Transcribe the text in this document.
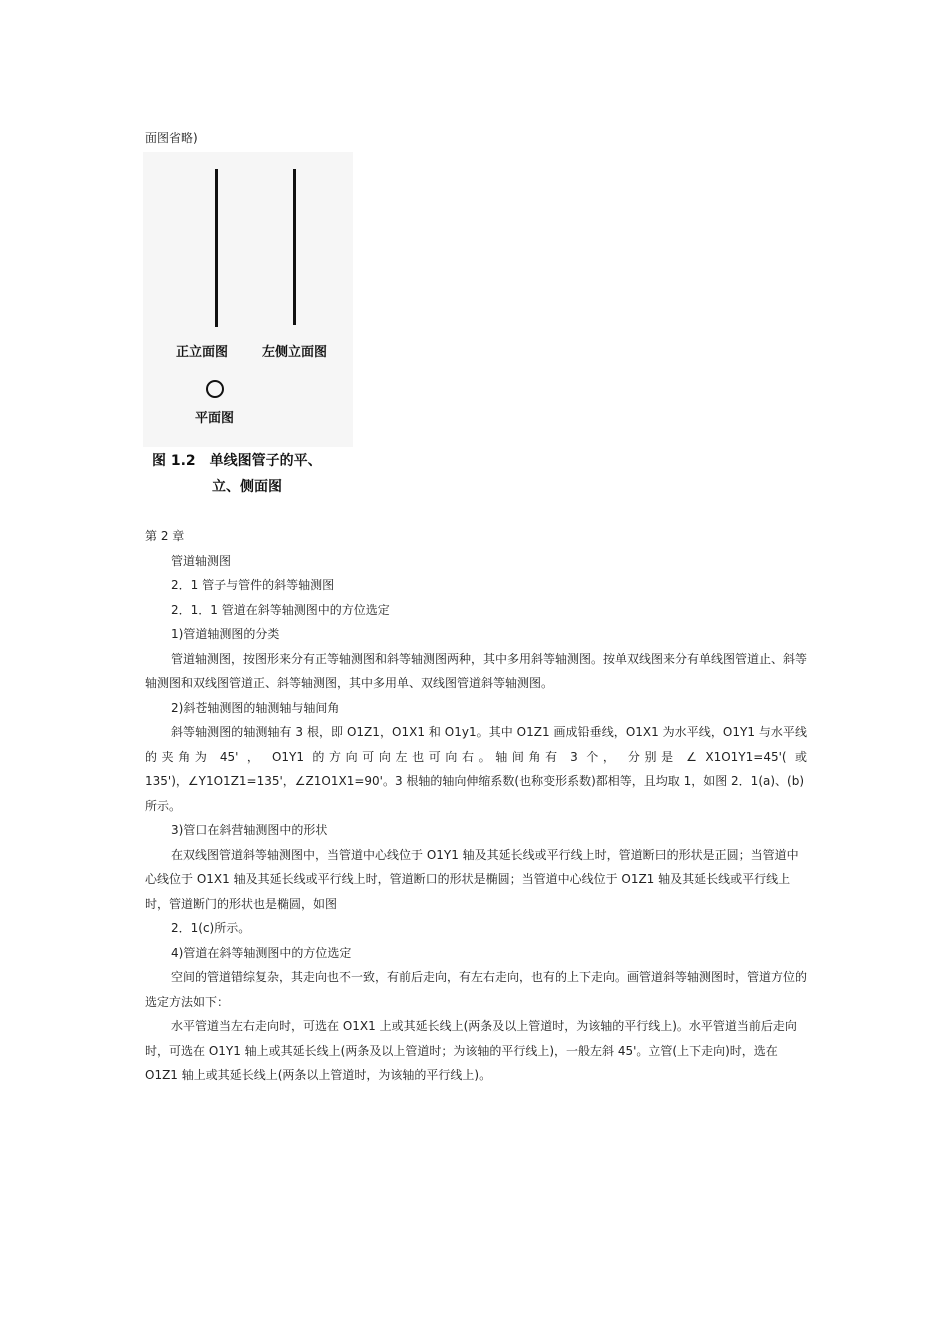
面图省略)
正立面图	左侧立面图
平面图
图 1.2　单线图管子的平、
立、侧面图

第 2 章

管道轴测图

2．1 管子与管件的斜等轴测图

2．1．1 管道在斜等轴测图中的方位选定

1)管道轴测图的分类

管道轴测图，按图形来分有正等轴测图和斜等轴测图两种，其中多用斜等轴测图。按单双线图来分有单线图管道止、斜等轴测图和双线图管道正、斜等轴测图，其中多用单、双线图管道斜等轴测图。

2)斜苍轴测图的轴测轴与轴间角

斜等轴测图的轴测轴有 3 根，即 O1Z1，O1X1 和 O1y1。其中 O1Z1 画成铅垂线，O1X1 为水平线，O1Y1 与水平线的夹角为 45' ， O1Y1 的方向可向左也可向右。轴间角有 3 个， 分别是 ∠ X1O1Y1=45'( 或

135')，∠Y1O1Z1=135'，∠Z1O1X1=90'。3 根轴的轴向伸缩系数(也称变形系数)都相等，且均取 1，如图 2．1(a)、(b)所示。

3)管口在斜营轴测图中的形状

在双线图管道斜等轴测图中，当管道中心线位于 O1Y1 轴及其延长线或平行线上时，管道断曰的形状是正圆；当管道中心线位于 O1X1 轴及其延长线或平行线上时，管道断口的形状是椭圆；当管道中心线位于 O1Z1 轴及其延长线或平行线上时，管道断门的形状也是椭圆，如图

2．1(c)所示。

4)管道在斜等轴测图中的方位选定

空间的管道错综复杂，其走向也不一致，有前后走向，有左右走向，也有的上下走向。画管道斜等轴测图时，管道方位的选定方法如下：

水平管道当左右走向时，可选在 O1X1 上或其延长线上(两条及以上管道时，为该轴的平行线上)。水平管道当前后走向时，可选在 O1Y1 轴上或其延长线上(两条及以上管道时；为该轴的平行线上)，一般左斜 45'。立管(上下走向)时，选在 O1Z1 轴上或其延长线上(两条以上管道时，为该轴的平行线上)。
